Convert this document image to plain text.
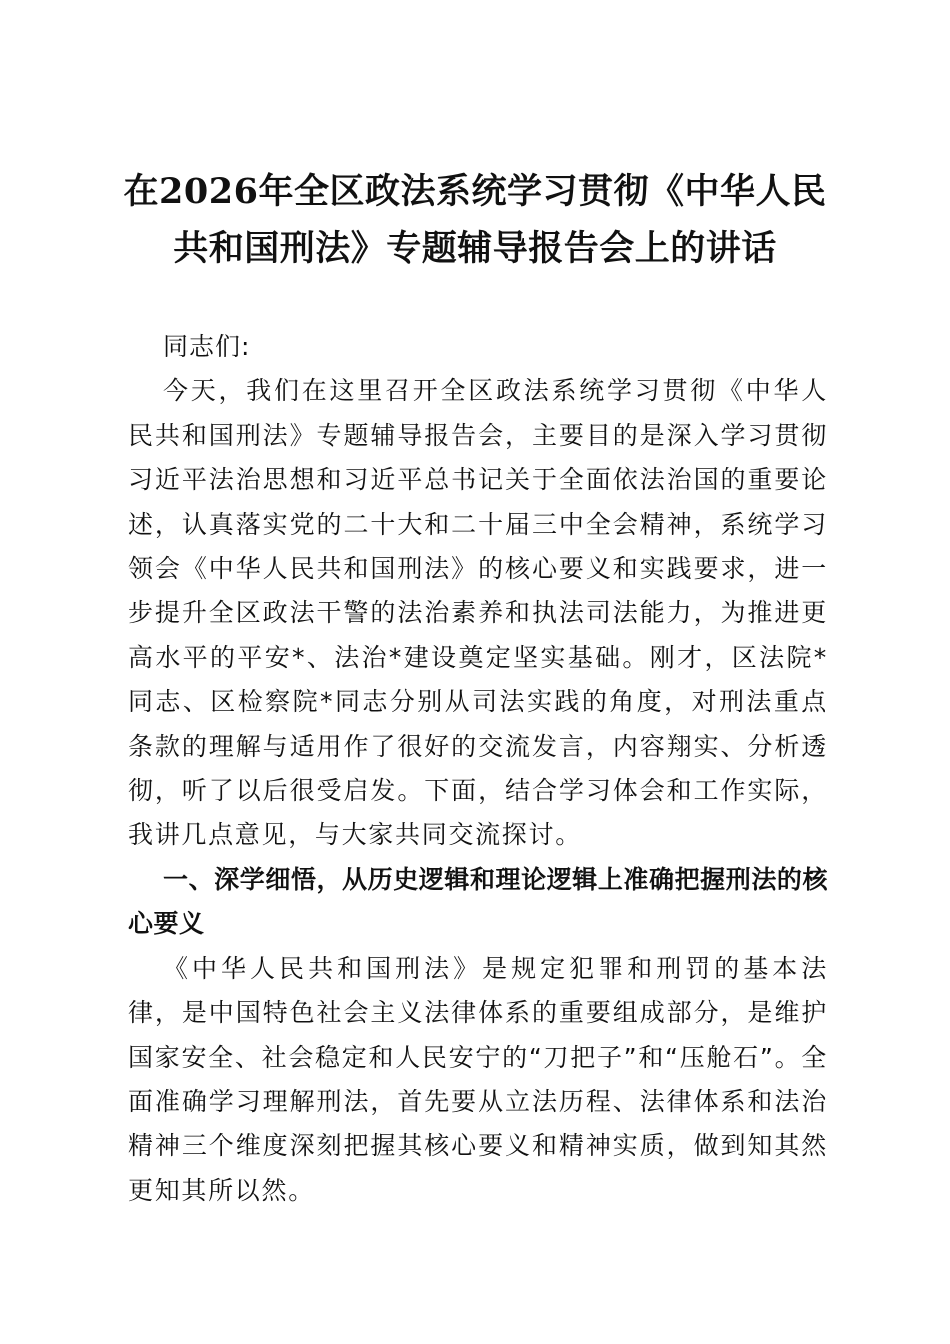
在2026年全区政法系统学习贯彻《中华人民
共和国刑法》专题辅导报告会上的讲话

同志们:

今天，我们在这里召开全区政法系统学习贯彻《中华人民共和国刑法》专题辅导报告会，主要目的是深入学习贯彻习近平法治思想和习近平总书记关于全面依法治国的重要论述，认真落实党的二十大和二十届三中全会精神，系统学习领会《中华人民共和国刑法》的核心要义和实践要求，进一步提升全区政法干警的法治素养和执法司法能力，为推进更高水平的平安*、法治*建设奠定坚实基础。刚才，区法院*同志、区检察院*同志分别从司法实践的角度，对刑法重点条款的理解与适用作了很好的交流发言，内容翔实、分析透彻，听了以后很受启发。下面，结合学习体会和工作实际，我讲几点意见，与大家共同交流探讨。

一、深学细悟，从历史逻辑和理论逻辑上准确把握刑法的核心要义

《中华人民共和国刑法》是规定犯罪和刑罚的基本法律，是中国特色社会主义法律体系的重要组成部分，是维护国家安全、社会稳定和人民安宁的“刀把子”和“压舱石”。全面准确学习理解刑法，首先要从立法历程、法律体系和法治精神三个维度深刻把握其核心要义和精神实质，做到知其然更知其所以然。
